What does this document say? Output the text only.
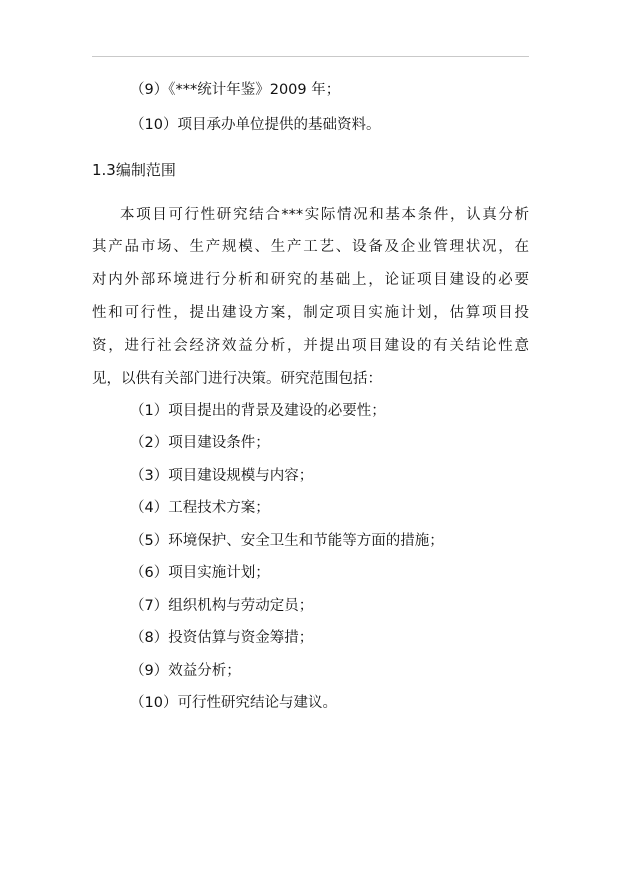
（9）《***统计年鉴》2009 年；
（10）项目承办单位提供的基础资料。
1.3编制范围
本项目可行性研究结合***实际情况和基本条件，认真分析
其产品市场、生产规模、生产工艺、设备及企业管理状况，在
对内外部环境进行分析和研究的基础上，论证项目建设的必要
性和可行性，提出建设方案，制定项目实施计划，估算项目投
资，进行社会经济效益分析，并提出项目建设的有关结论性意
见，以供有关部门进行决策。研究范围包括：
（1）项目提出的背景及建设的必要性；
（2）项目建设条件；
（3）项目建设规模与内容；
（4）工程技术方案；
（5）环境保护、安全卫生和节能等方面的措施；
（6）项目实施计划；
（7）组织机构与劳动定员；
（8）投资估算与资金筹措；
（9）效益分析；
（10）可行性研究结论与建议。
